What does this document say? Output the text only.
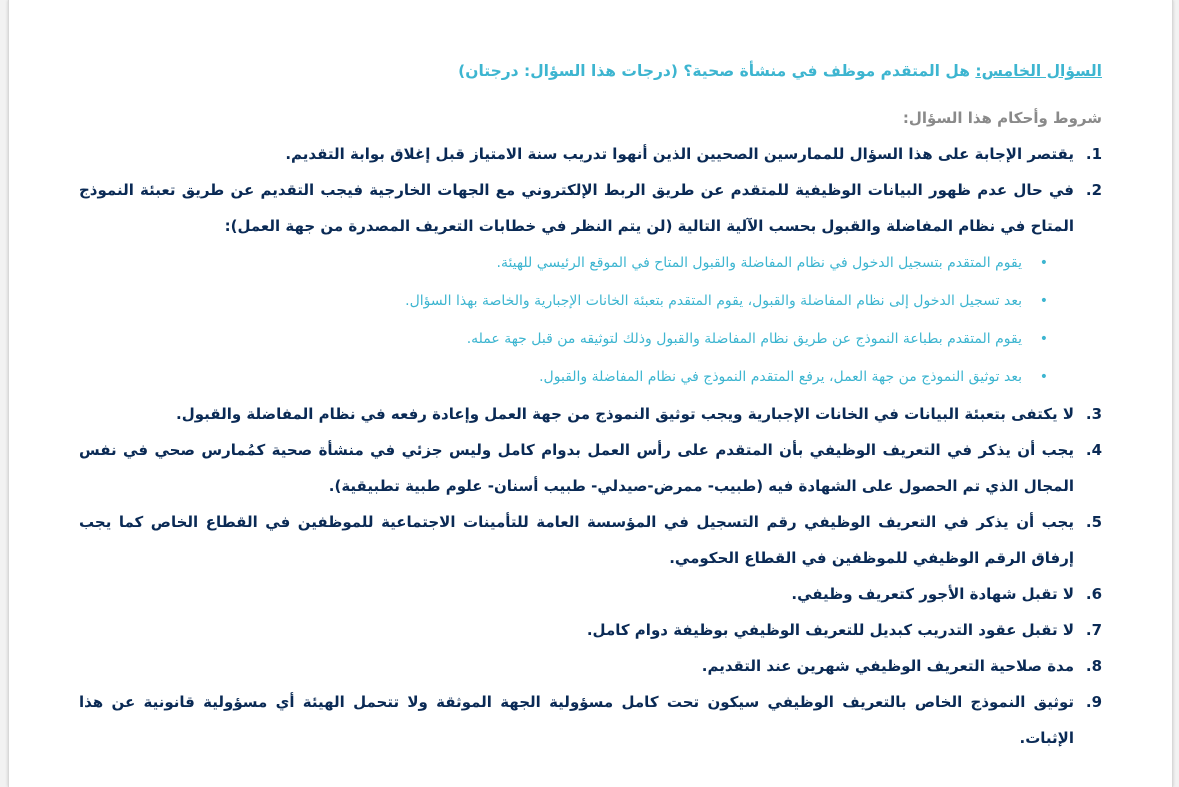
السؤال الخامس: هل المتقدم موظف في منشأة صحية؟ (درجات هذا السؤال: درجتان)

شروط وأحكام هذا السؤال:
1.
يقتصر الإجابة على هذا السؤال للممارسين الصحيين الذين أنهوا تدريب سنة الامتياز قبل إغلاق بوابة التقديم.
2.
في حال عدم ظهور البيانات الوظيفية للمتقدم عن طريق الربط الإلكتروني مع الجهات الخارجية فيجب التقديم عن طريق تعبئة النموذج المتاح في نظام المفاضلة والقبول بحسب الآلية التالية (لن يتم النظر في خطابات التعريف المصدرة من جهة العمل):
•
يقوم المتقدم بتسجيل الدخول في نظام المفاضلة والقبول المتاح في الموقع الرئيسي للهيئة.
•
بعد تسجيل الدخول إلى نظام المفاضلة والقبول، يقوم المتقدم بتعبئة الخانات الإجبارية والخاصة بهذا السؤال.
•
يقوم المتقدم بطباعة النموذج عن طريق نظام المفاضلة والقبول وذلك لتوثيقه من قبل جهة عمله.
•
بعد توثيق النموذج من جهة العمل، يرفع المتقدم النموذج في نظام المفاضلة والقبول.
3.
لا يكتفى بتعبئة البيانات في الخانات الإجبارية ويجب توثيق النموذج من جهة العمل وإعادة رفعه في نظام المفاضلة والقبول.
4.
يجب أن يذكر في التعريف الوظيفي بأن المتقدم على رأس العمل بدوام كامل وليس جزئي في منشأة صحية كمُمارس صحي في نفس المجال الذي تم الحصول على الشهادة فيه (طبيب- ممرض-صيدلي- طبيب أسنان- علوم طبية تطبيقية).
5.
يجب أن يذكر في التعريف الوظيفي رقم التسجيل في المؤسسة العامة للتأمينات الاجتماعية للموظفين في القطاع الخاص كما يجب إرفاق الرقم الوظيفي للموظفين في القطاع الحكومي.
6.
لا تقبل شهادة الأجور كتعريف وظيفي.
7.
لا تقبل عقود التدريب كبديل للتعريف الوظيفي بوظيفة دوام كامل.
8.
مدة صلاحية التعريف الوظيفي شهرين عند التقديم.
9.
توثيق النموذج الخاص بالتعريف الوظيفي سيكون تحت كامل مسؤولية الجهة الموثقة ولا تتحمل الهيئة أي مسؤولية قانونية عن هذا الإثبات.
